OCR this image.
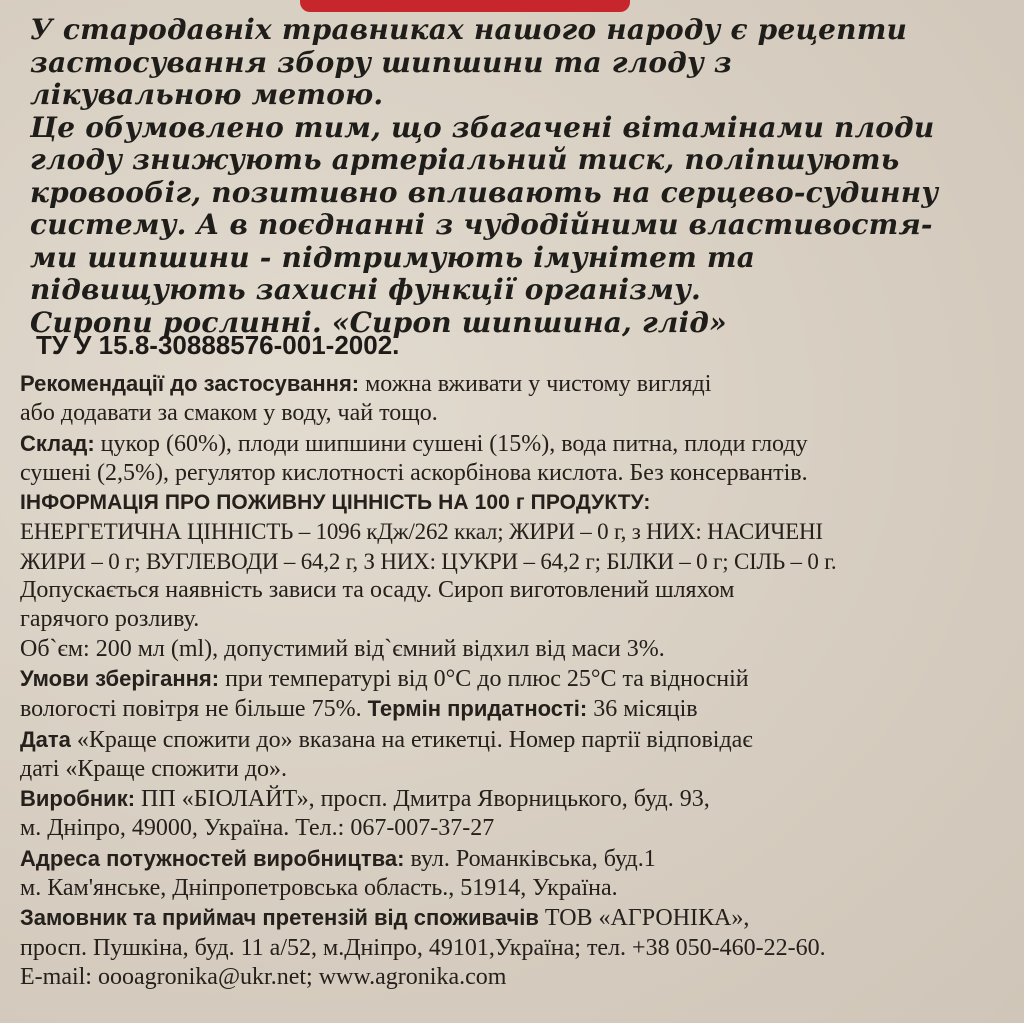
У стародавніх травниках нашого народу є рецепти
застосування збору шипшини та глоду з
лікувальною метою.
Це обумовлено тим, що збагачені вітамінами плоди
глоду знижують артеріальний тиск, поліпшують
кровообіг, позитивно впливають на серцево-судинну
систему. А в поєднанні з чудодійними властивостя-
ми шипшини - підтримують імунітет та
підвищують захисні функції організму.
Сиропи рослинні. «Сироп шипшина, глід»
ТУ У 15.8-30888576-001-2002.
Рекомендації до застосування: можна вживати у чистому вигляді
або додавати за смаком у воду, чай тощо.
Склад: цукор (60%), плоди шипшини сушені (15%), вода питна, плоди глоду
сушені (2,5%), регулятор кислотності аскорбінова кислота. Без консервантів.
ІНФОРМАЦІЯ ПРО ПОЖИВНУ ЦІННІСТЬ НА 100 г ПРОДУКТУ:
ЕНЕРГЕТИЧНА ЦІННІСТЬ – 1096 кДж/262 ккал; ЖИРИ – 0 г, з НИХ: НАСИЧЕНІ
ЖИРИ – 0 г; ВУГЛЕВОДИ – 64,2 г, З НИХ: ЦУКРИ – 64,2 г; БІЛКИ – 0 г; СІЛЬ – 0 г.
Допускається наявність зависи та осаду. Сироп виготовлений шляхом
гарячого розливу.
Об`єм: 200 мл (ml), допустимий від`ємний відхил від маси 3%.
Умови зберігання: при температурі від 0°C до плюс 25°C та відносній
вологості повітря не більше 75%. Термін придатності: 36 місяців
Дата «Краще спожити до» вказана на етикетці. Номер партії відповідає
даті «Краще спожити до».
Виробник: ПП «БІОЛАЙТ», просп. Дмитра Яворницького, буд. 93,
м. Дніпро, 49000, Україна. Тел.: 067-007-37-27
Адреса потужностей виробництва: вул. Романківська, буд.1
м. Кам'янське, Дніпропетровська область., 51914, Україна.
Замовник та приймач претензій від споживачів ТОВ «АГРОНІКА»,
просп. Пушкіна, буд. 11 а/52, м.Дніпро, 49101,Україна; тел. +38 050-460-22-60.
E-mail: oooagronika@ukr.net; www.agronika.com
